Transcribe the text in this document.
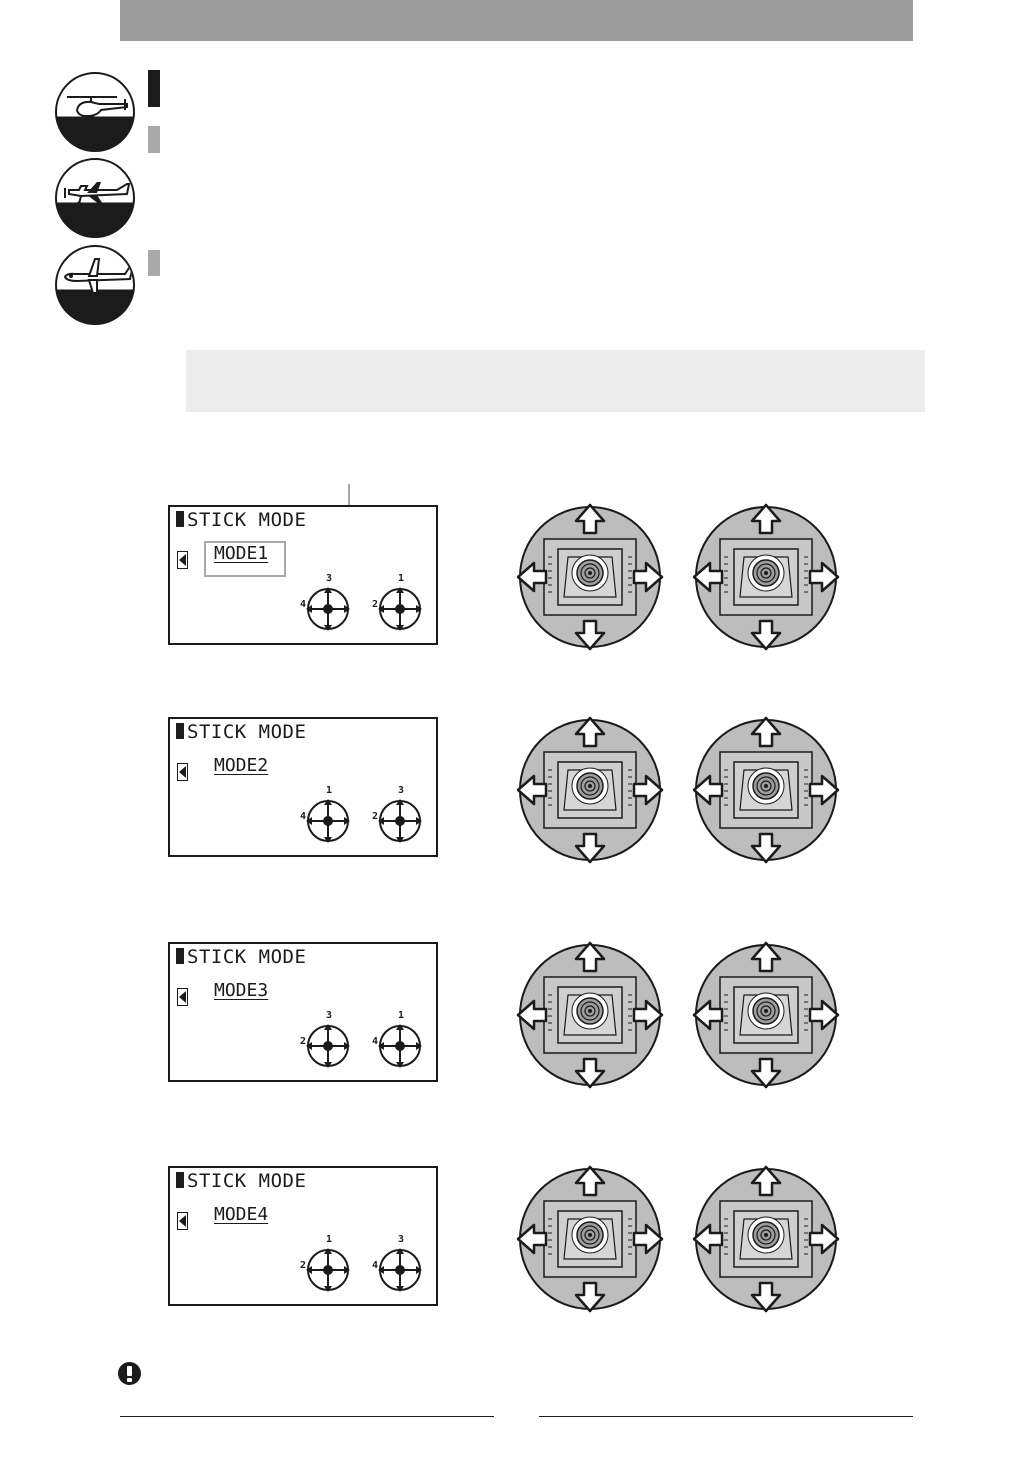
STICK MODE
MODE1
3
4
1
2
STICK MODE
MODE2
1
4
3
2
STICK MODE
MODE3
3
2
1
4
STICK MODE
MODE4
1
2
3
4
